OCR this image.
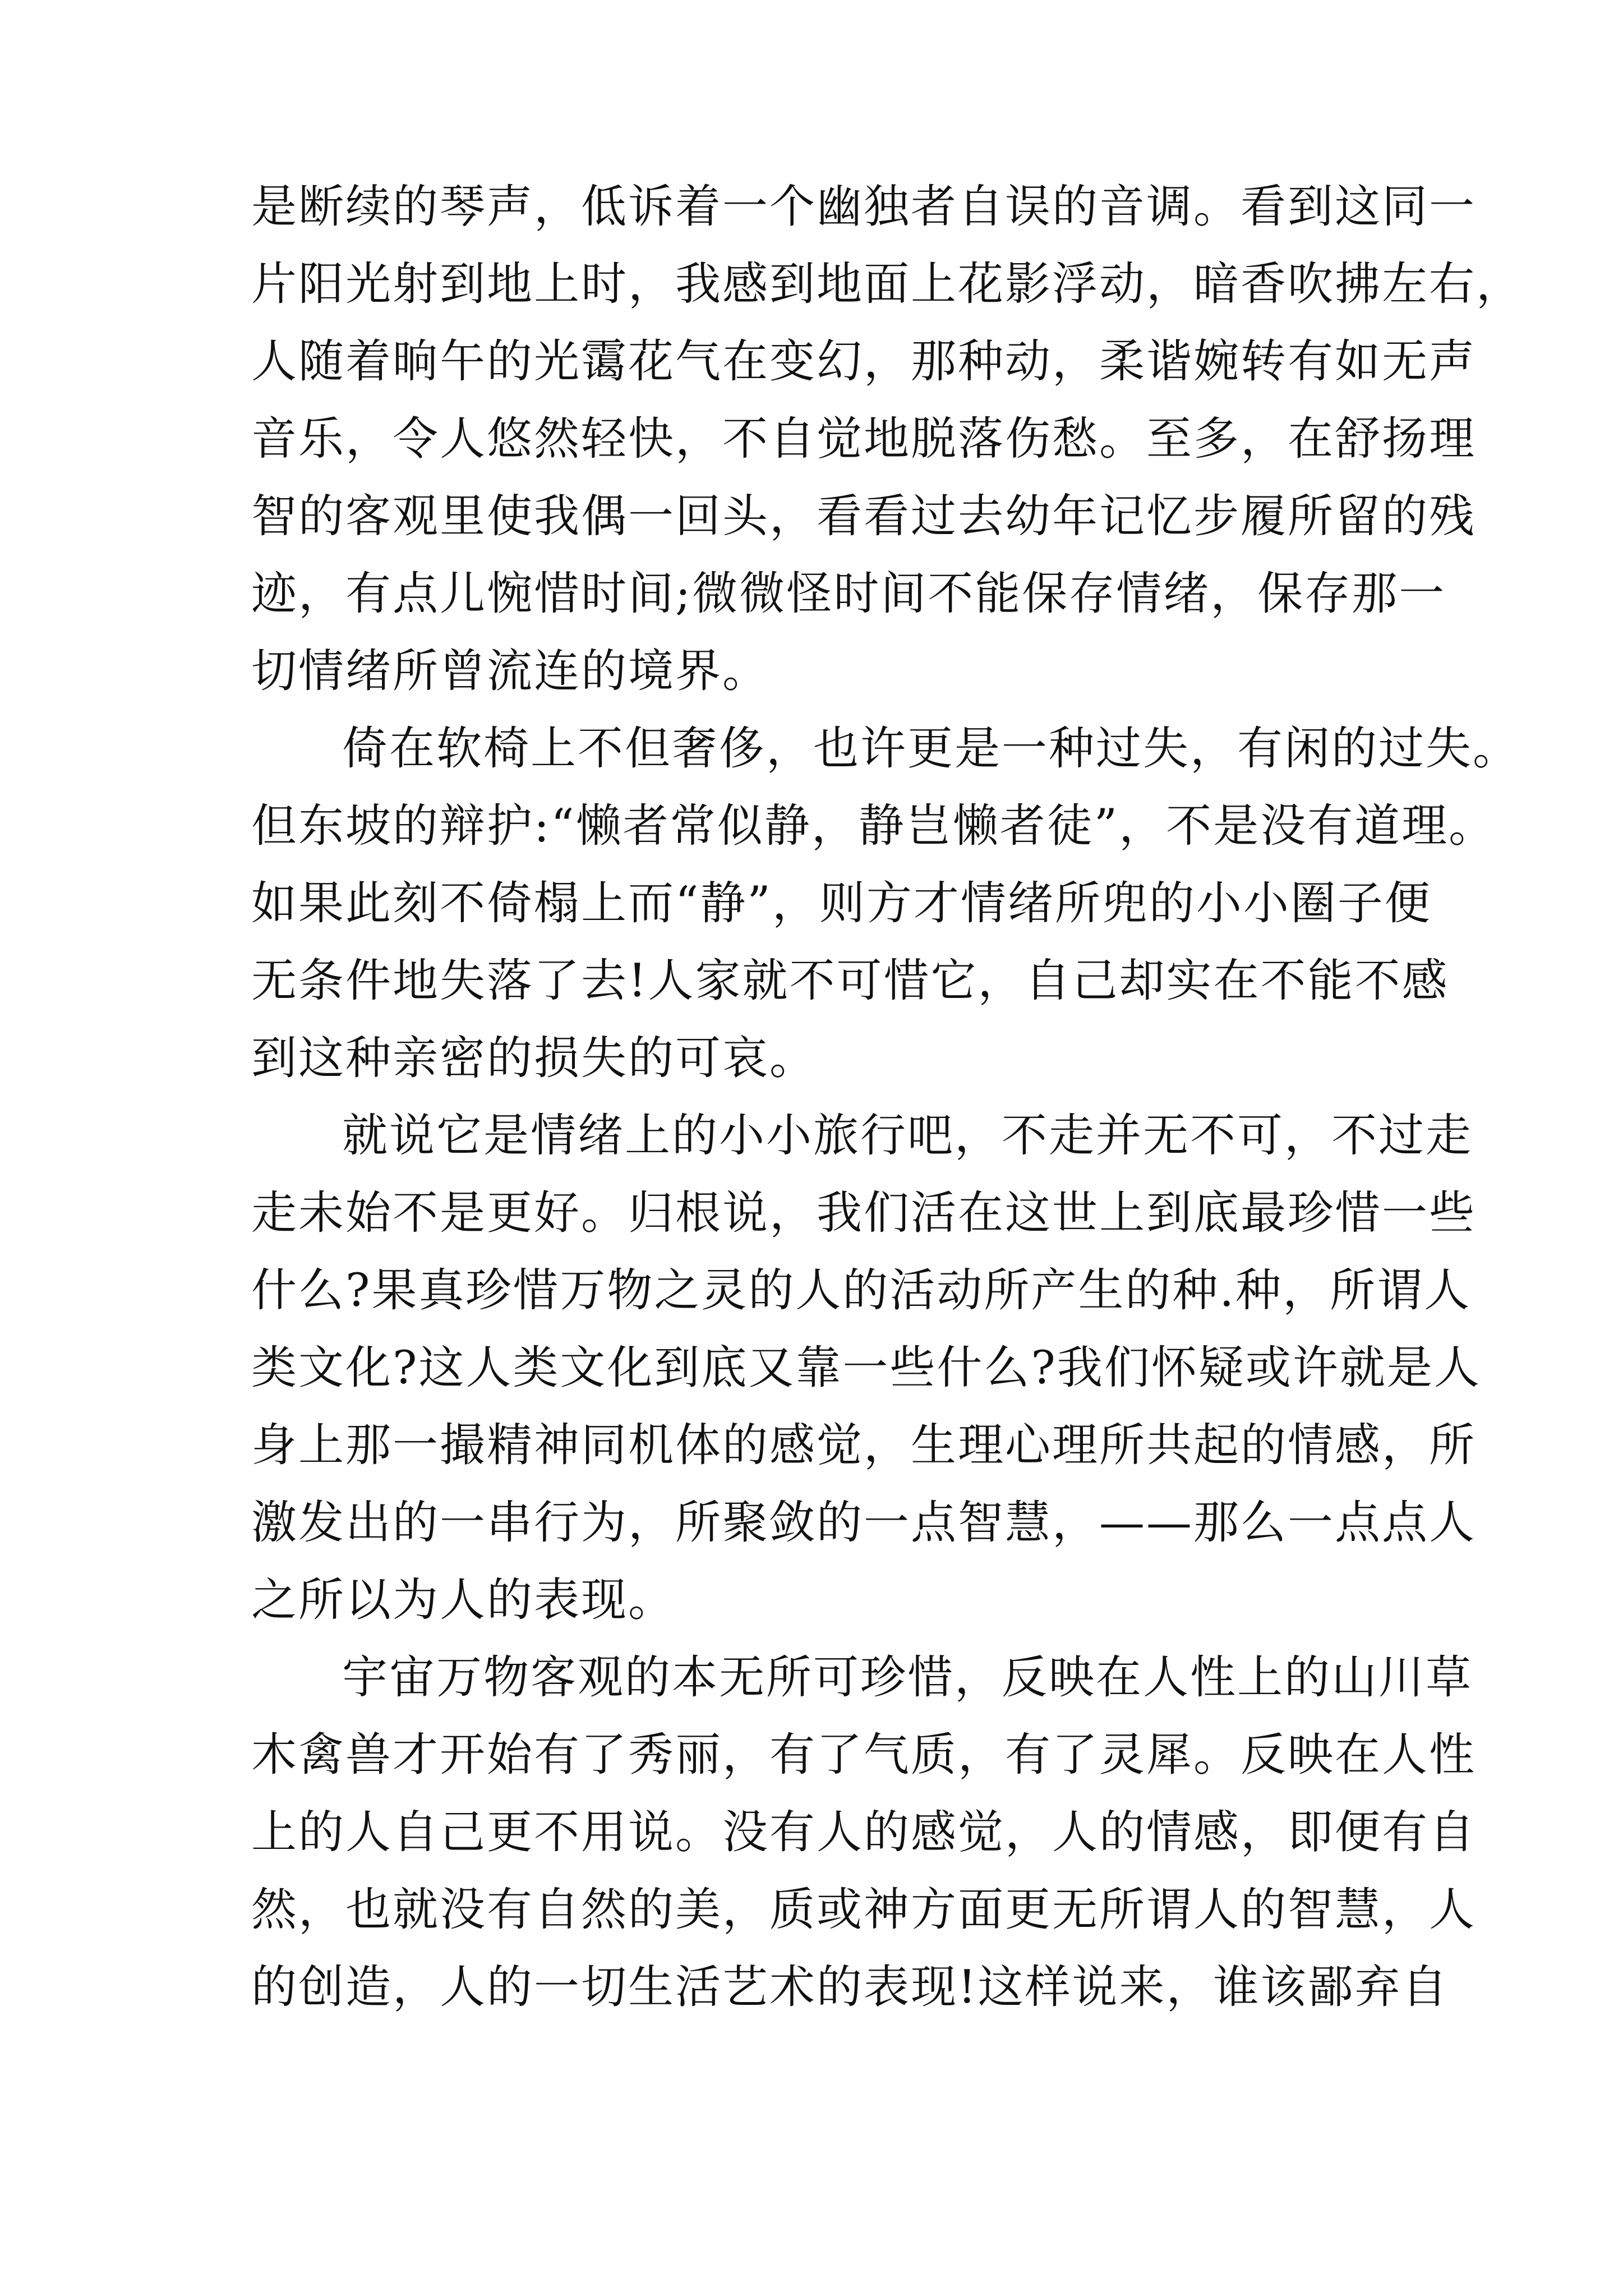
是断续的琴声，低诉着一个幽独者自误的音调。看到这同一
片阳光射到地上时，我感到地面上花影浮动，暗香吹拂左右，
人随着晌午的光霭花气在变幻，那种动，柔谐婉转有如无声
音乐，令人悠然轻快，不自觉地脱落伤愁。至多，在舒扬理
智的客观里使我偶一回头，看看过去幼年记忆步履所留的残
迹，有点儿惋惜时间;微微怪时间不能保存情绪，保存那一
切情绪所曾流连的境界。
倚在软椅上不但奢侈，也许更是一种过失，有闲的过失。
但东坡的辩护:“懒者常似静，静岂懒者徒”，不是没有道理。
如果此刻不倚榻上而“静”，则方才情绪所兜的小小圈子便
无条件地失落了去!人家就不可惜它，自己却实在不能不感
到这种亲密的损失的可哀。
就说它是情绪上的小小旅行吧，不走并无不可，不过走
走未始不是更好。归根说，我们活在这世上到底最珍惜一些
什么?果真珍惜万物之灵的人的活动所产生的种.种，所谓人
类文化?这人类文化到底又靠一些什么?我们怀疑或许就是人
身上那一撮精神同机体的感觉，生理心理所共起的情感，所
激发出的一串行为，所聚敛的一点智慧，——那么一点点人
之所以为人的表现。
宇宙万物客观的本无所可珍惜，反映在人性上的山川草
木禽兽才开始有了秀丽，有了气质，有了灵犀。反映在人性
上的人自己更不用说。没有人的感觉，人的情感，即便有自
然，也就没有自然的美，质或神方面更无所谓人的智慧，人
的创造，人的一切生活艺术的表现!这样说来，谁该鄙弃自
